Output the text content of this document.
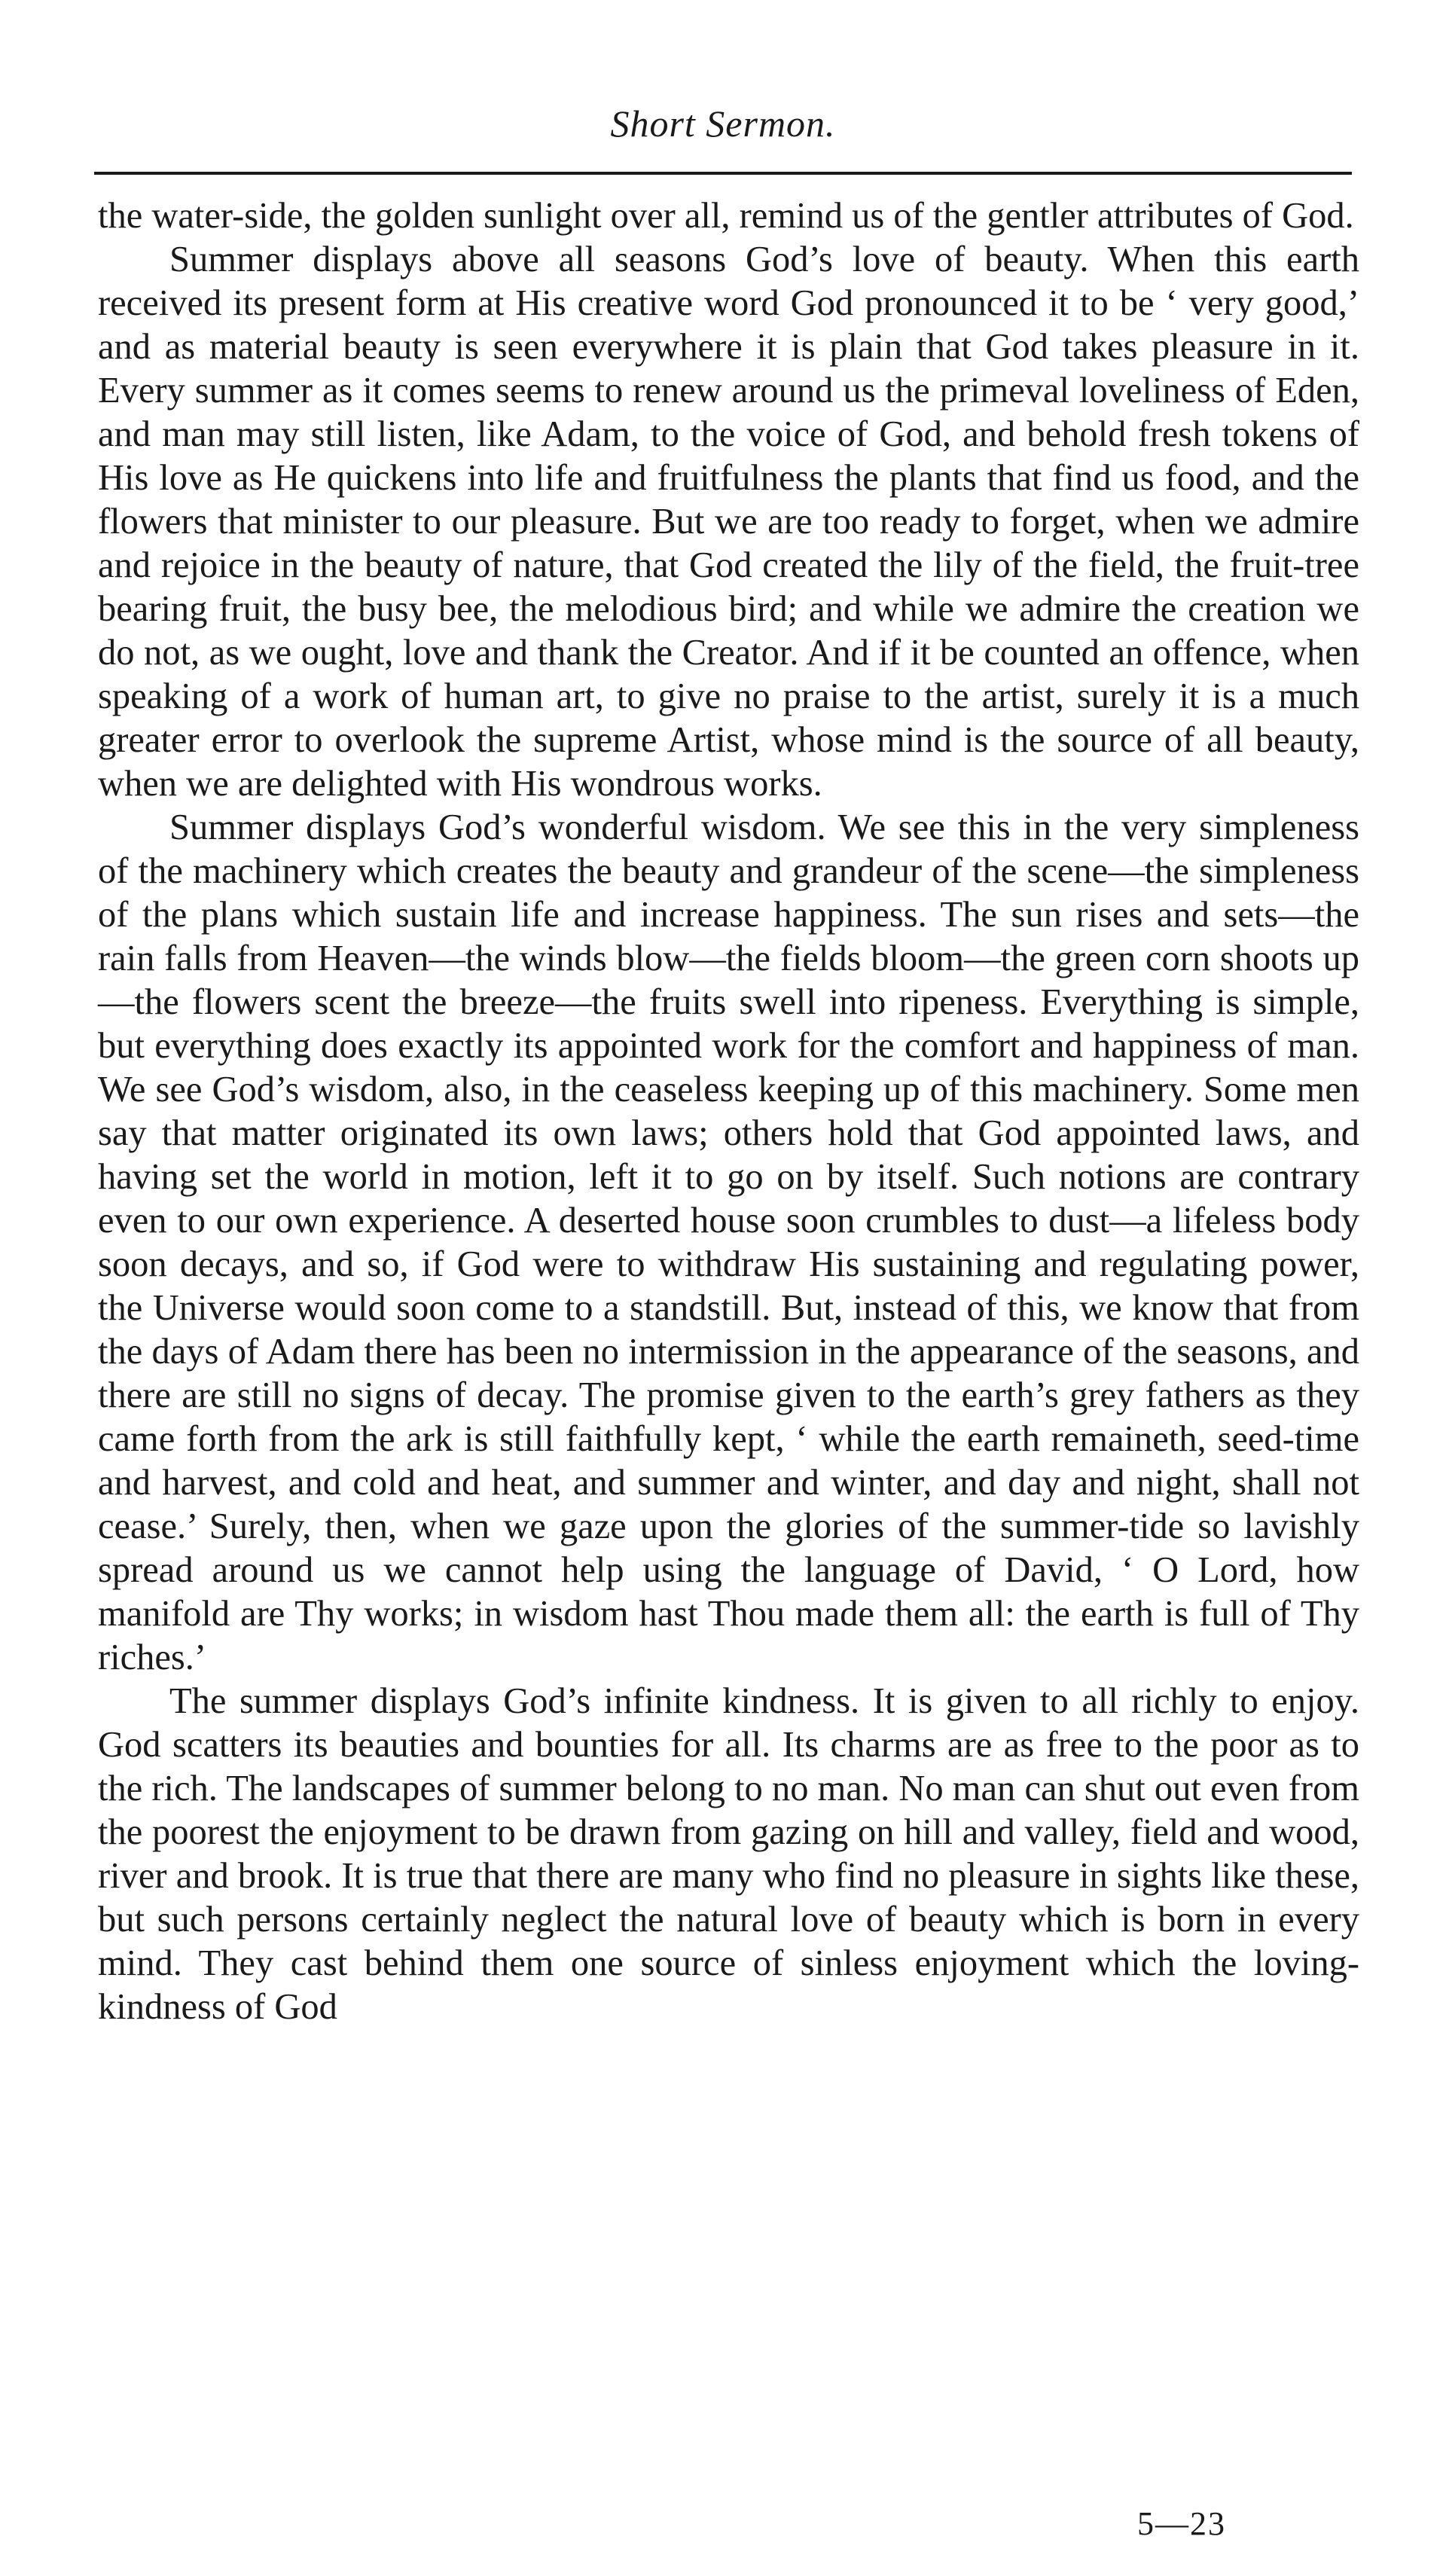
Short Sermon.

the water-side, the golden sunlight over all, remind us of the gentler attributes of God.

Summer displays above all seasons God’s love of beauty. When this earth received its present form at His creative word God pronounced it to be ‘ very good,’ and as material beauty is seen everywhere it is plain that God takes pleasure in it. Every summer as it comes seems to renew around us the primeval loveliness of Eden, and man may still listen, like Adam, to the voice of God, and behold fresh tokens of His love as He quickens into life and fruitfulness the plants that find us food, and the flowers that minister to our pleasure. But we are too ready to forget, when we admire and rejoice in the beauty of nature, that God created the lily of the field, the fruit-tree bearing fruit, the busy bee, the melodious bird; and while we admire the creation we do not, as we ought, love and thank the Creator. And if it be counted an offence, when speaking of a work of human art, to give no praise to the artist, surely it is a much greater error to overlook the supreme Artist, whose mind is the source of all beauty, when we are delighted with His wondrous works.

Summer displays God’s wonderful wisdom. We see this in the very simpleness of the machinery which creates the beauty and grandeur of the scene—the simpleness of the plans which sustain life and increase happiness. The sun rises and sets—the rain falls from Heaven—the winds blow—the fields bloom—the green corn shoots up—the flowers scent the breeze—the fruits swell into ripeness. Everything is simple, but everything does exactly its appointed work for the comfort and happiness of man. We see God’s wisdom, also, in the ceaseless keeping up of this machinery. Some men say that matter originated its own laws; others hold that God appointed laws, and having set the world in motion, left it to go on by itself. Such notions are contrary even to our own experience. A deserted house soon crumbles to dust—a lifeless body soon decays, and so, if God were to withdraw His sustaining and regulating power, the Universe would soon come to a standstill. But, instead of this, we know that from the days of Adam there has been no intermission in the appearance of the seasons, and there are still no signs of decay. The promise given to the earth’s grey fathers as they came forth from the ark is still faithfully kept, ‘ while the earth remaineth, seed-time and harvest, and cold and heat, and summer and winter, and day and night, shall not cease.’ Surely, then, when we gaze upon the glories of the summer-tide so lavishly spread around us we cannot help using the language of David, ‘ O Lord, how manifold are Thy works; in wisdom hast Thou made them all: the earth is full of Thy riches.’

The summer displays God’s infinite kindness. It is given to all richly to enjoy. God scatters its beauties and bounties for all. Its charms are as free to the poor as to the rich. The landscapes of summer belong to no man. No man can shut out even from the poorest the enjoyment to be drawn from gazing on hill and valley, field and wood, river and brook. It is true that there are many who find no pleasure in sights like these, but such persons certainly neglect the natural love of beauty which is born in every mind. They cast behind them one source of sinless enjoyment which the loving-kindness of God

5—23
